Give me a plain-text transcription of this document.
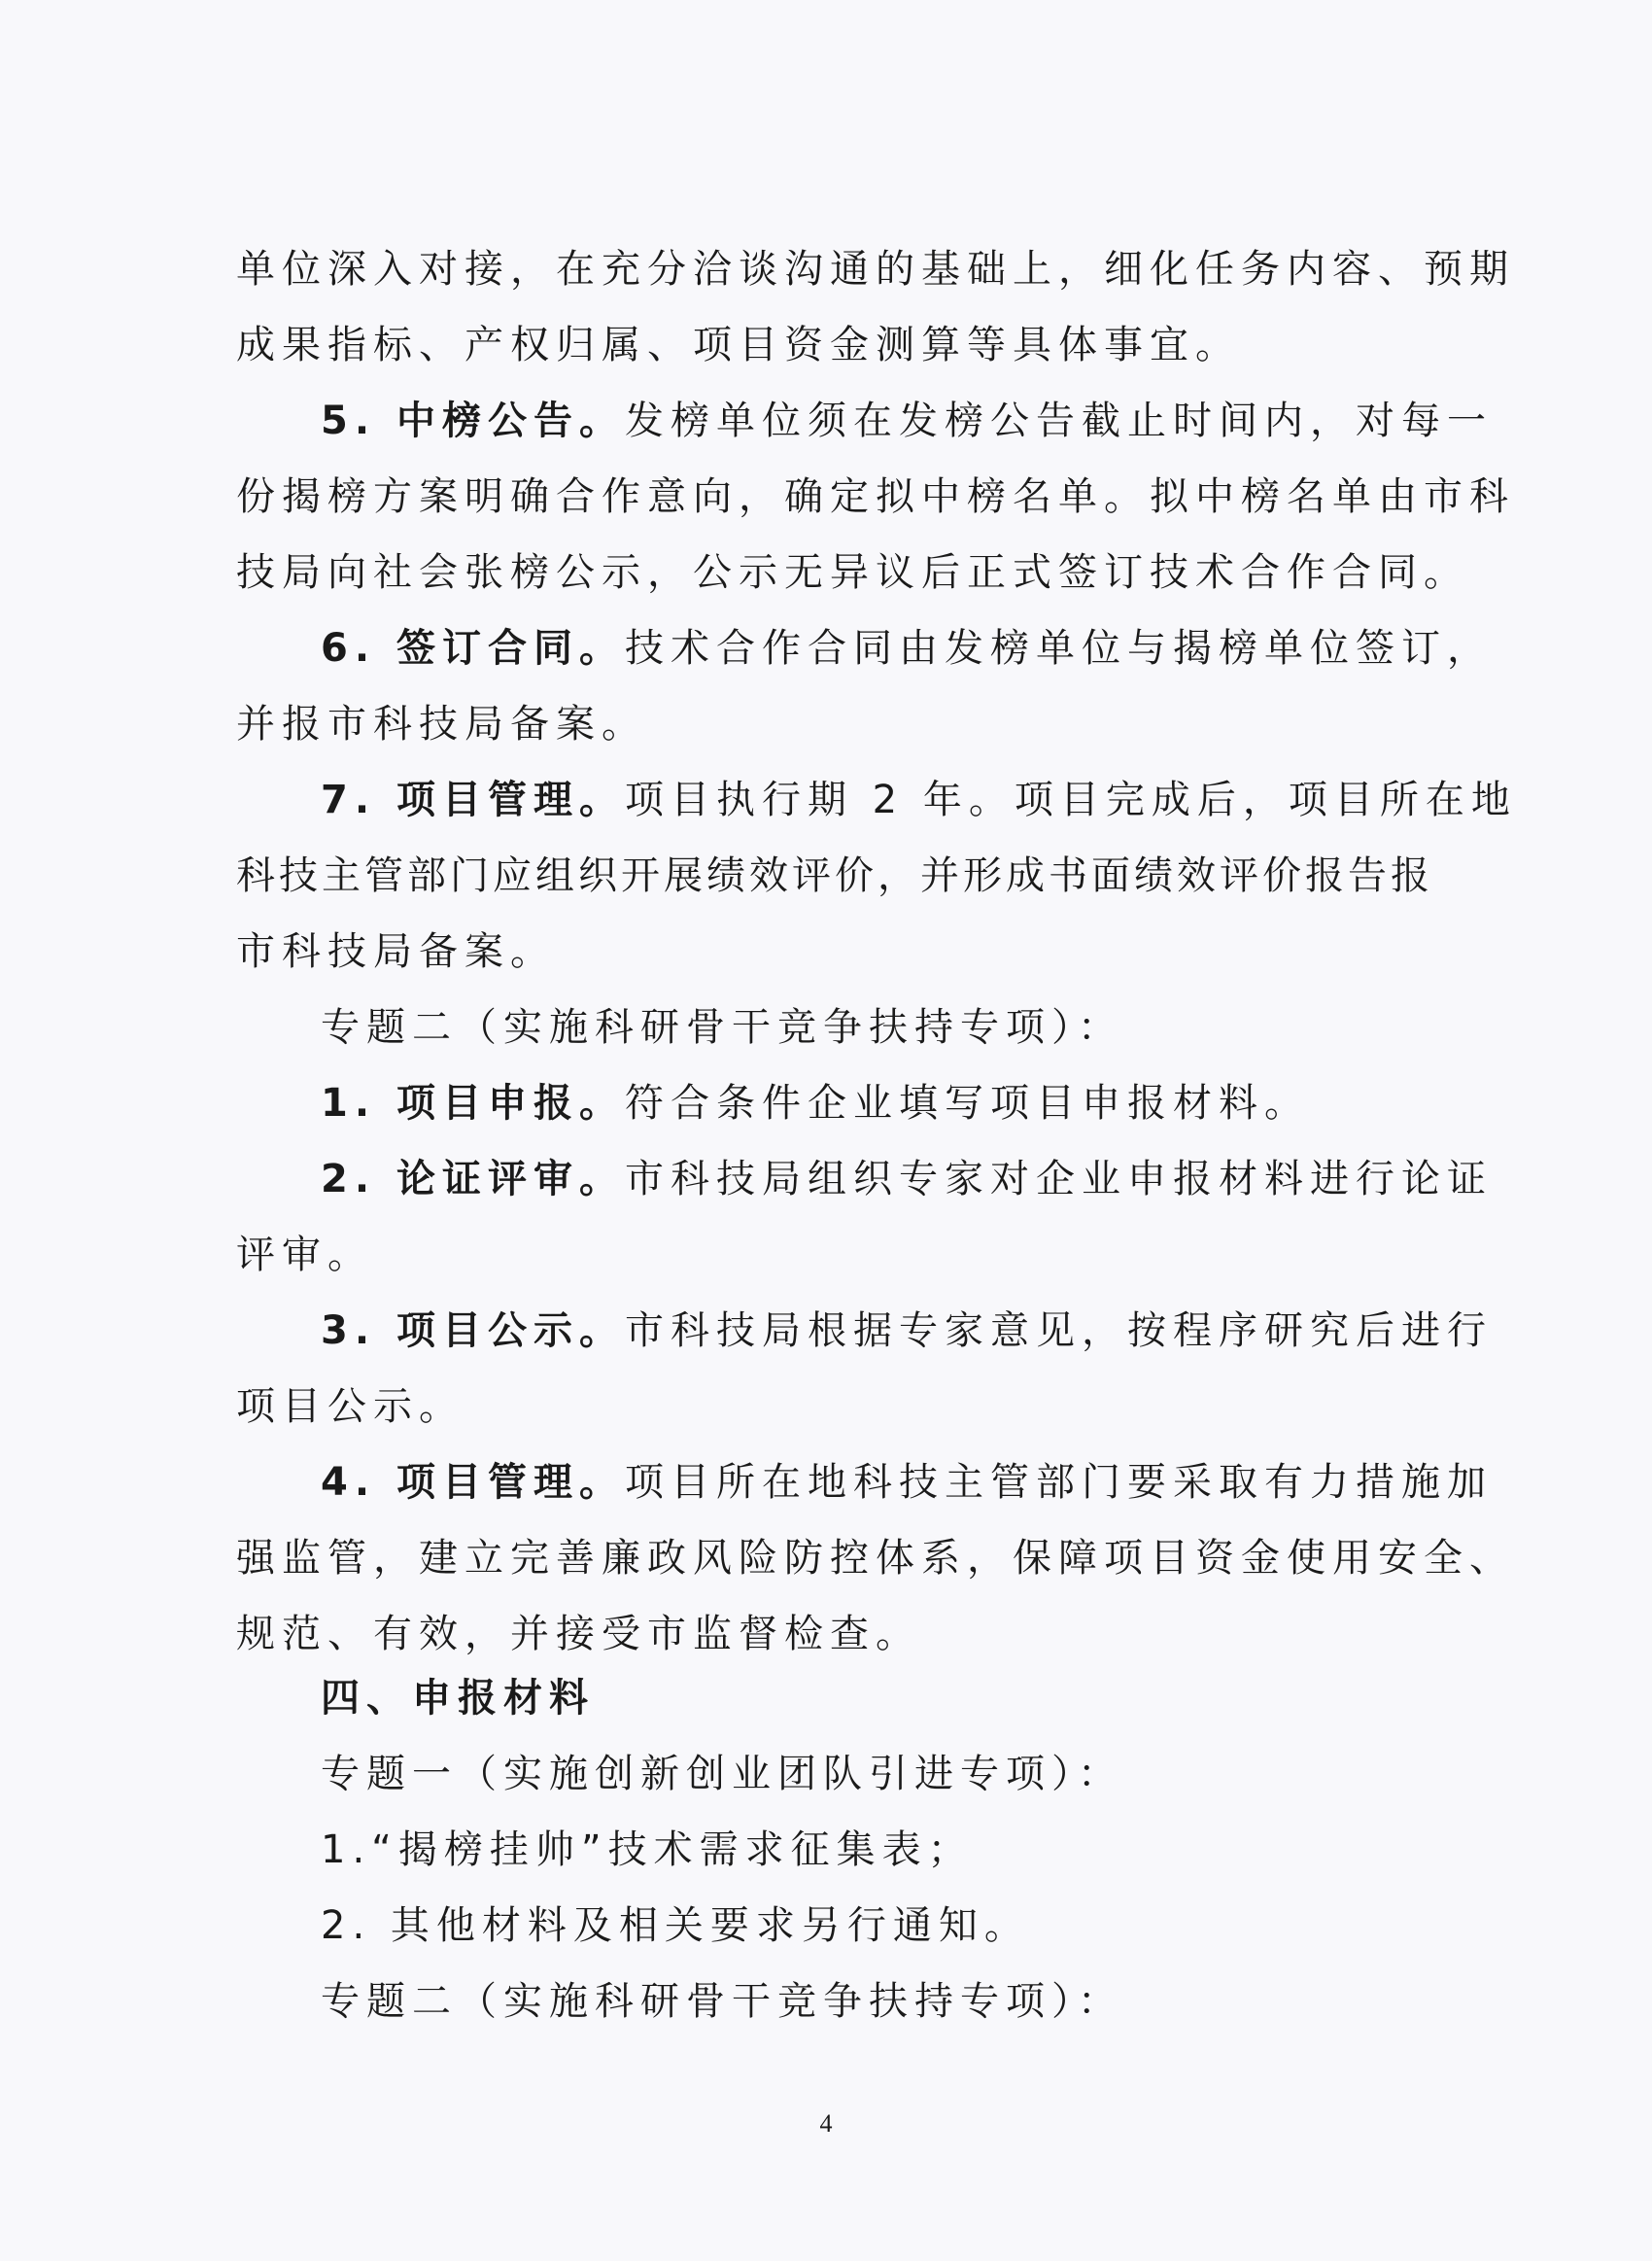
单位深入对接，在充分洽谈沟通的基础上，细化任务内容、预期
成果指标、产权归属、项目资金测算等具体事宜。
5. 中榜公告。发榜单位须在发榜公告截止时间内，对每一
份揭榜方案明确合作意向，确定拟中榜名单。拟中榜名单由市科
技局向社会张榜公示，公示无异议后正式签订技术合作合同。
6. 签订合同。技术合作合同由发榜单位与揭榜单位签订，
并报市科技局备案。
7. 项目管理。项目执行期 2 年。项目完成后，项目所在地
科技主管部门应组织开展绩效评价，并形成书面绩效评价报告报
市科技局备案。
专题二（实施科研骨干竞争扶持专项）：
1. 项目申报。符合条件企业填写项目申报材料。
2. 论证评审。市科技局组织专家对企业申报材料进行论证
评审。
3. 项目公示。市科技局根据专家意见，按程序研究后进行
项目公示。
4. 项目管理。项目所在地科技主管部门要采取有力措施加
强监管，建立完善廉政风险防控体系，保障项目资金使用安全、
规范、有效，并接受市监督检查。
四、申报材料
专题一（实施创新创业团队引进专项）：
1.“揭榜挂帅”技术需求征集表；
2. 其他材料及相关要求另行通知。
专题二（实施科研骨干竞争扶持专项）：
4
